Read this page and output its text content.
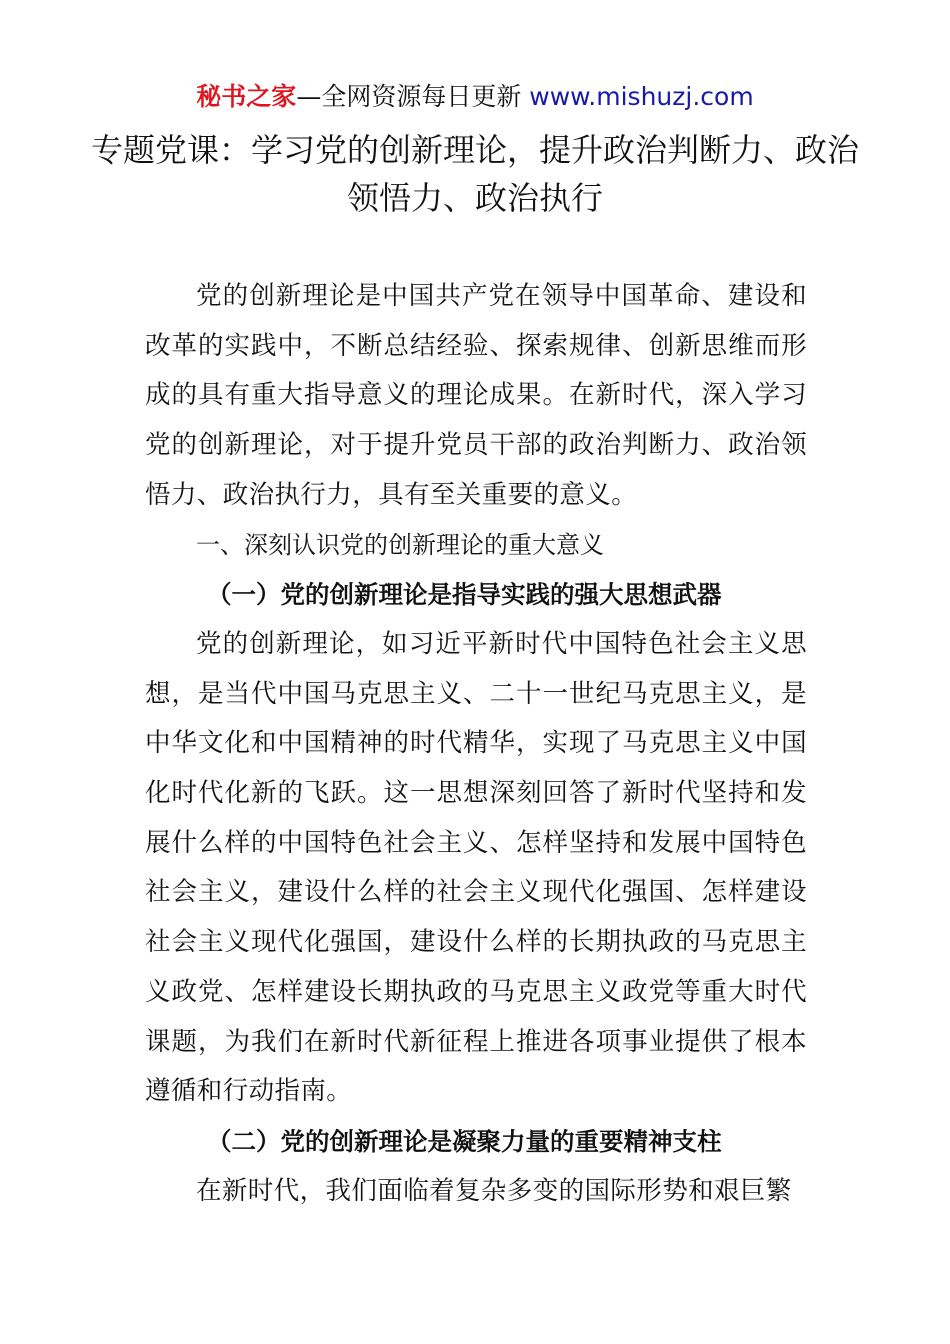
秘书之家—全网资源每日更新 www.mishuzj.com
专题党课：学习党的创新理论，提升政治判断力、政治领悟力、政治执行

党的创新理论是中国共产党在领导中国革命、建设和改革的实践中，不断总结经验、探索规律、创新思维而形成的具有重大指导意义的理论成果。在新时代，深入学习党的创新理论，对于提升党员干部的政治判断力、政治领悟力、政治执行力，具有至关重要的意义。

一、深刻认识党的创新理论的重大意义

（一）党的创新理论是指导实践的强大思想武器

党的创新理论，如习近平新时代中国特色社会主义思想，是当代中国马克思主义、二十一世纪马克思主义，是中华文化和中国精神的时代精华，实现了马克思主义中国化时代化新的飞跃。这一思想深刻回答了新时代坚持和发展什么样的中国特色社会主义、怎样坚持和发展中国特色社会主义，建设什么样的社会主义现代化强国、怎样建设社会主义现代化强国，建设什么样的长期执政的马克思主义政党、怎样建设长期执政的马克思主义政党等重大时代课题，为我们在新时代新征程上推进各项事业提供了根本遵循和行动指南。

（二）党的创新理论是凝聚力量的重要精神支柱

在新时代，我们面临着复杂多变的国际形势和艰巨繁
